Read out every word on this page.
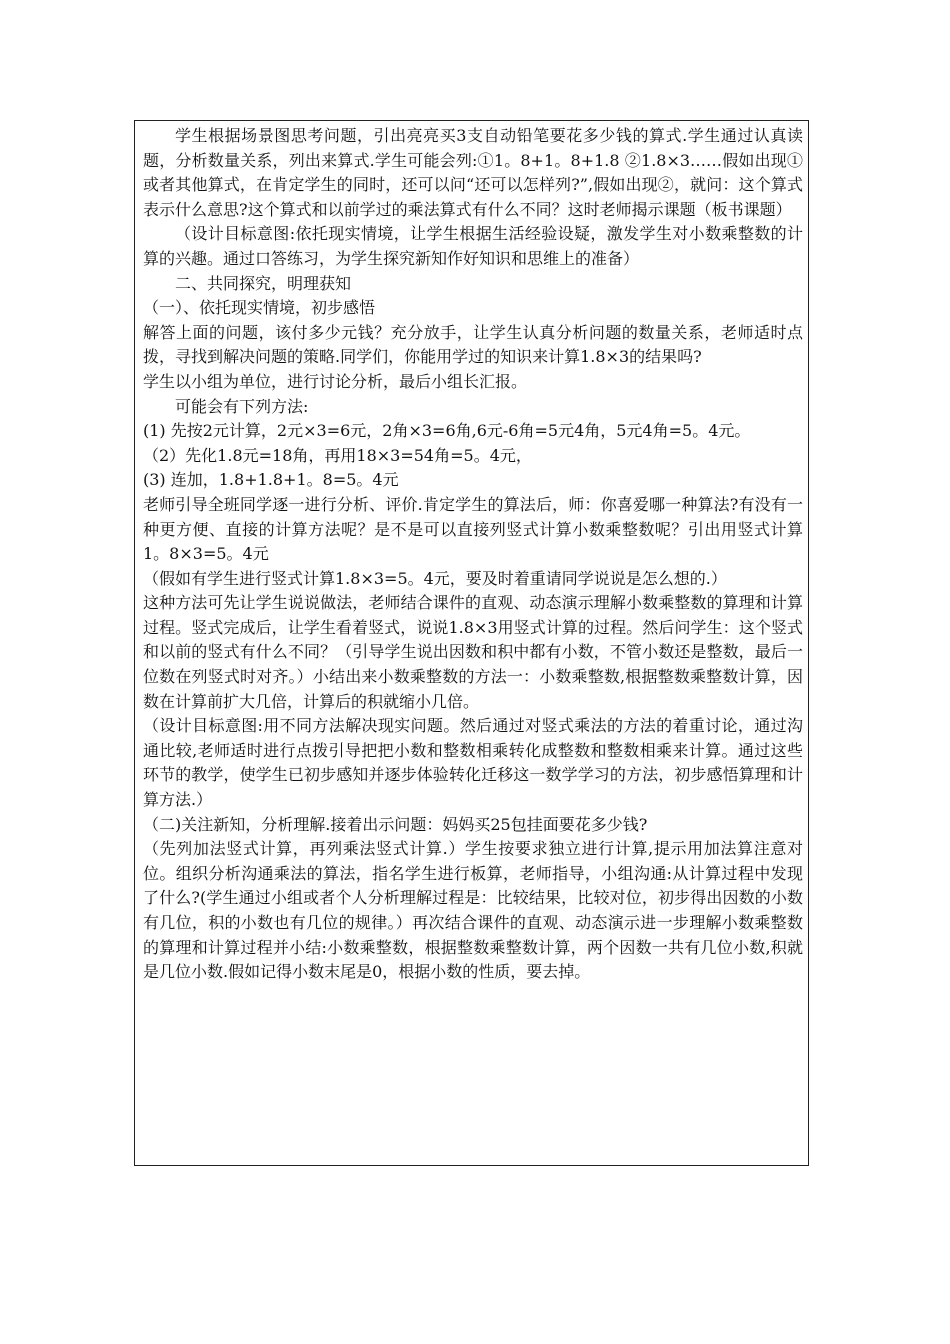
学生根据场景图思考问题，引出亮亮买3支自动铅笔要花多少钱的算式.学生通过认真读题，分析数量关系，列出来算式.学生可能会列:①1。8+1。8+1.8 ②1.8×3……假如出现①或者其他算式，在肯定学生的同时，还可以问“还可以怎样列?”,假如出现②，就问：这个算式表示什么意思?这个算式和以前学过的乘法算式有什么不同？这时老师揭示课题（板书课题）

（设计目标意图:依托现实情境，让学生根据生活经验设疑，激发学生对小数乘整数的计算的兴趣。通过口答练习，为学生探究新知作好知识和思维上的准备）

二、共同探究，明理获知

（一）、依托现实情境，初步感悟

解答上面的问题，该付多少元钱？充分放手，让学生认真分析问题的数量关系，老师适时点拨，寻找到解决问题的策略.同学们，你能用学过的知识来计算1.8×3的结果吗?

学生以小组为单位，进行讨论分析，最后小组长汇报。

可能会有下列方法:

(1) 先按2元计算，2元×3=6元，2角×3=6角,6元-6角=5元4角，5元4角=5。4元。

（2）先化1.8元=18角，再用18×3=54角=5。4元，

(3) 连加，1.8+1.8+1。8=5。4元

老师引导全班同学逐一进行分析、评价.肯定学生的算法后，师：你喜爱哪一种算法?有没有一种更方便、直接的计算方法呢？是不是可以直接列竖式计算小数乘整数呢？引出用竖式计算1。8×3=5。4元

（假如有学生进行竖式计算1.8×3=5。4元，要及时着重请同学说说是怎么想的.）

这种方法可先让学生说说做法，老师结合课件的直观、动态演示理解小数乘整数的算理和计算过程。竖式完成后，让学生看着竖式，说说1.8×3用竖式计算的过程。然后问学生：这个竖式和以前的竖式有什么不同？（引导学生说出因数和积中都有小数，不管小数还是整数，最后一位数在列竖式时对齐。）小结出来小数乘整数的方法一：小数乘整数,根据整数乘整数计算，因数在计算前扩大几倍，计算后的积就缩小几倍。

（设计目标意图:用不同方法解决现实问题。然后通过对竖式乘法的方法的着重讨论，通过沟通比较,老师适时进行点拨引导把把小数和整数相乘转化成整数和整数相乘来计算。通过这些环节的教学，使学生已初步感知并逐步体验转化迁移这一数学学习的方法，初步感悟算理和计算方法.）

（二)关注新知，分析理解.接着出示问题：妈妈买25包挂面要花多少钱?

（先列加法竖式计算，再列乘法竖式计算.）学生按要求独立进行计算,提示用加法算注意对位。组织分析沟通乘法的算法，指名学生进行板算，老师指导，小组沟通:从计算过程中发现了什么?(学生通过小组或者个人分析理解过程是：比较结果，比较对位，初步得出因数的小数有几位，积的小数也有几位的规律。）再次结合课件的直观、动态演示进一步理解小数乘整数的算理和计算过程并小结:小数乘整数，根据整数乘整数计算，两个因数一共有几位小数,积就是几位小数.假如记得小数末尾是0，根据小数的性质，要去掉。
